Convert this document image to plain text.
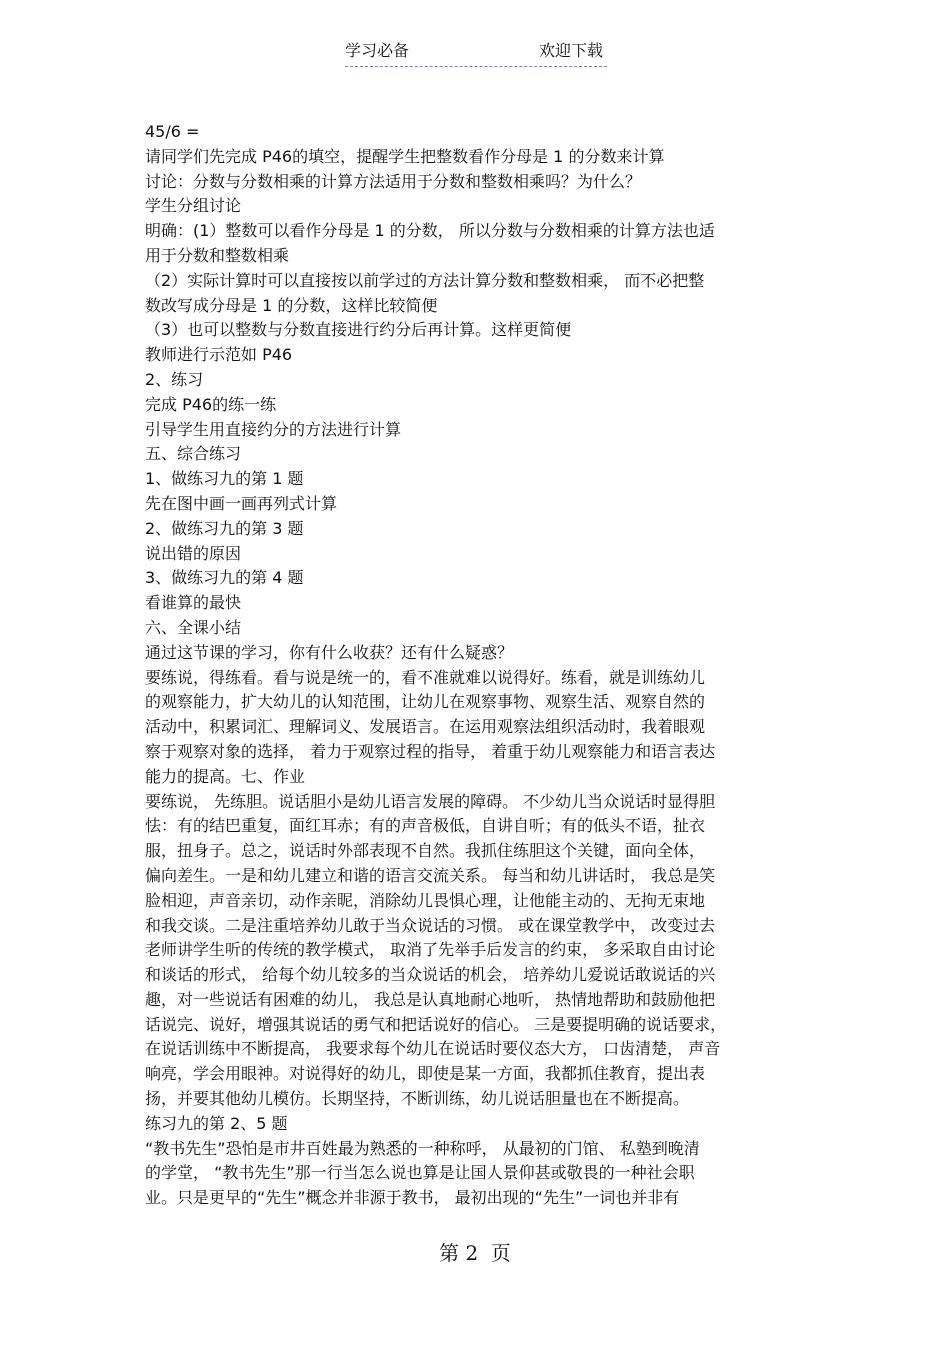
学习必备	欢迎下载
45/6 =
请同学们先完成 P46的填空，提醒学生把整数看作分母是 1 的分数来计算
讨论：分数与分数相乘的计算方法适用于分数和整数相乘吗？为什么？
学生分组讨论
明确：(1）整数可以看作分母是 1 的分数， 所以分数与分数相乘的计算方法也适
用于分数和整数相乘
（2）实际计算时可以直接按以前学过的方法计算分数和整数相乘， 而不必把整
数改写成分母是 1 的分数，这样比较简便
（3）也可以整数与分数直接进行约分后再计算。这样更简便
教师进行示范如 P46
2、练习
完成 P46的练一练
引导学生用直接约分的方法进行计算
五、综合练习
1、做练习九的第 1 题
先在图中画一画再列式计算
2、做练习九的第 3 题
说出错的原因
3、做练习九的第 4 题
看谁算的最快
六、全课小结
通过这节课的学习，你有什么收获？还有什么疑惑？
要练说，得练看。看与说是统一的，看不准就难以说得好。练看，就是训练幼儿
的观察能力，扩大幼儿的认知范围，让幼儿在观察事物、观察生活、观察自然的
活动中，积累词汇、理解词义、发展语言。在运用观察法组织活动时，我着眼观
察于观察对象的选择， 着力于观察过程的指导， 着重于幼儿观察能力和语言表达
能力的提高。七、作业
要练说， 先练胆。说话胆小是幼儿语言发展的障碍。 不少幼儿当众说话时显得胆
怯：有的结巴重复，面红耳赤；有的声音极低，自讲自听；有的低头不语，扯衣
服，扭身子。总之，说话时外部表现不自然。我抓住练胆这个关键，面向全体，
偏向差生。一是和幼儿建立和谐的语言交流关系。 每当和幼儿讲话时， 我总是笑
脸相迎，声音亲切，动作亲昵，消除幼儿畏惧心理，让他能主动的、无拘无束地
和我交谈。二是注重培养幼儿敢于当众说话的习惯。 或在课堂教学中， 改变过去
老师讲学生听的传统的教学模式， 取消了先举手后发言的约束， 多采取自由讨论
和谈话的形式， 给每个幼儿较多的当众说话的机会， 培养幼儿爱说话敢说话的兴
趣，对一些说话有困难的幼儿， 我总是认真地耐心地听， 热情地帮助和鼓励他把
话说完、说好，增强其说话的勇气和把话说好的信心。 三是要提明确的说话要求，
在说话训练中不断提高， 我要求每个幼儿在说话时要仪态大方， 口齿清楚， 声音
响亮，学会用眼神。对说得好的幼儿，即使是某一方面，我都抓住教育，提出表
扬，并要其他幼儿模仿。长期坚持，不断训练，幼儿说话胆量也在不断提高。
练习九的第 2、5 题
“教书先生”恐怕是市井百姓最为熟悉的一种称呼， 从最初的门馆、 私塾到晚清
的学堂， “教书先生”那一行当怎么说也算是让国人景仰甚或敬畏的一种社会职
业。只是更早的“先生”概念并非源于教书， 最初出现的“先生”一词也并非有
第 2  页
